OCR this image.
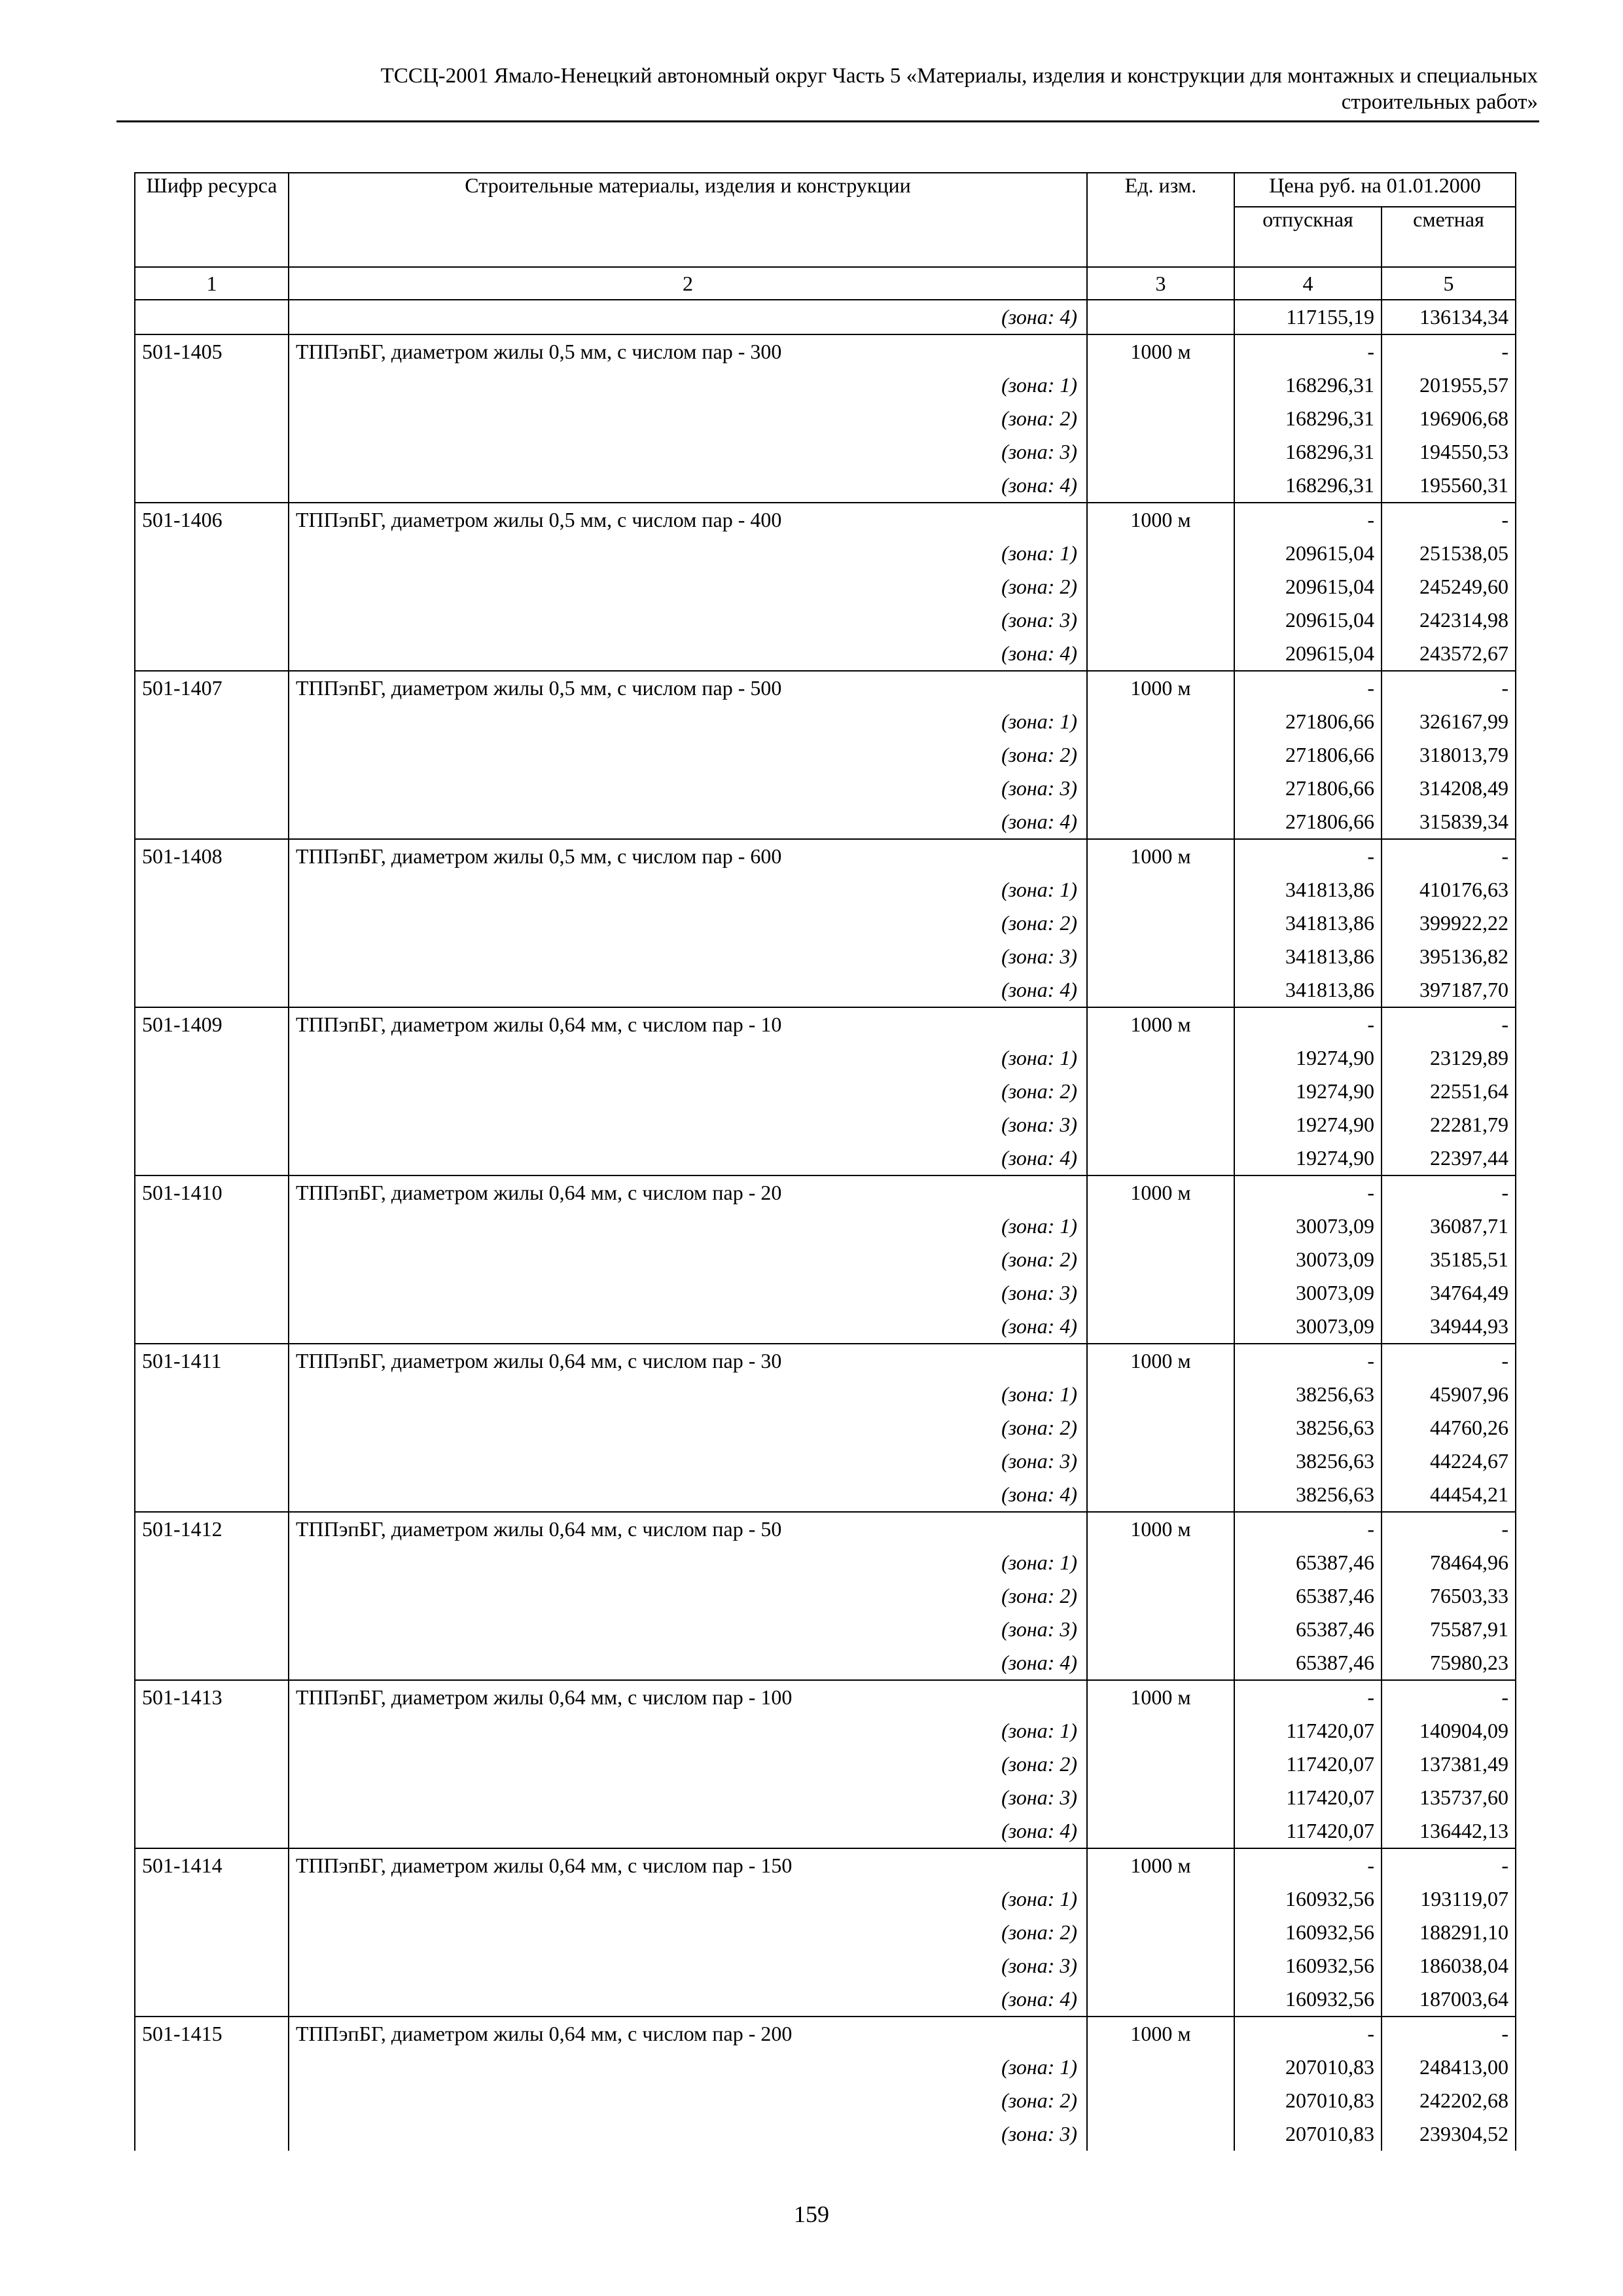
ТССЦ-2001 Ямало-Ненецкий автономный округ Часть 5 «Материалы, изделия и конструкции для монтажных и специальных
строительных работ»
Шифр ресурса	Строительные материалы, изделия и конструкции	Ед. изм.	Цена руб. на 01.01.2000	
			отпускная	сметная
1	2	3	4	5
	(зона: 4)		117155,19	136134,34
501-1405	ТППэпБГ, диаметром жилы 0,5 мм, с числом пар - 300	1000 м	-	-
	(зона: 1)		168296,31	201955,57
	(зона: 2)		168296,31	196906,68
	(зона: 3)		168296,31	194550,53
	(зона: 4)		168296,31	195560,31
501-1406	ТППэпБГ, диаметром жилы 0,5 мм, с числом пар - 400	1000 м	-	-
	(зона: 1)		209615,04	251538,05
	(зона: 2)		209615,04	245249,60
	(зона: 3)		209615,04	242314,98
	(зона: 4)		209615,04	243572,67
501-1407	ТППэпБГ, диаметром жилы 0,5 мм, с числом пар - 500	1000 м	-	-
	(зона: 1)		271806,66	326167,99
	(зона: 2)		271806,66	318013,79
	(зона: 3)		271806,66	314208,49
	(зона: 4)		271806,66	315839,34
501-1408	ТППэпБГ, диаметром жилы 0,5 мм, с числом пар - 600	1000 м	-	-
	(зона: 1)		341813,86	410176,63
	(зона: 2)		341813,86	399922,22
	(зона: 3)		341813,86	395136,82
	(зона: 4)		341813,86	397187,70
501-1409	ТППэпБГ, диаметром жилы 0,64 мм, с числом пар - 10	1000 м	-	-
	(зона: 1)		19274,90	23129,89
	(зона: 2)		19274,90	22551,64
	(зона: 3)		19274,90	22281,79
	(зона: 4)		19274,90	22397,44
501-1410	ТППэпБГ, диаметром жилы 0,64 мм, с числом пар - 20	1000 м	-	-
	(зона: 1)		30073,09	36087,71
	(зона: 2)		30073,09	35185,51
	(зона: 3)		30073,09	34764,49
	(зона: 4)		30073,09	34944,93
501-1411	ТППэпБГ, диаметром жилы 0,64 мм, с числом пар - 30	1000 м	-	-
	(зона: 1)		38256,63	45907,96
	(зона: 2)		38256,63	44760,26
	(зона: 3)		38256,63	44224,67
	(зона: 4)		38256,63	44454,21
501-1412	ТППэпБГ, диаметром жилы 0,64 мм, с числом пар - 50	1000 м	-	-
	(зона: 1)		65387,46	78464,96
	(зона: 2)		65387,46	76503,33
	(зона: 3)		65387,46	75587,91
	(зона: 4)		65387,46	75980,23
501-1413	ТППэпБГ, диаметром жилы 0,64 мм, с числом пар - 100	1000 м	-	-
	(зона: 1)		117420,07	140904,09
	(зона: 2)		117420,07	137381,49
	(зона: 3)		117420,07	135737,60
	(зона: 4)		117420,07	136442,13
501-1414	ТППэпБГ, диаметром жилы 0,64 мм, с числом пар - 150	1000 м	-	-
	(зона: 1)		160932,56	193119,07
	(зона: 2)		160932,56	188291,10
	(зона: 3)		160932,56	186038,04
	(зона: 4)		160932,56	187003,64
501-1415	ТППэпБГ, диаметром жилы 0,64 мм, с числом пар - 200	1000 м	-	-
	(зона: 1)		207010,83	248413,00
	(зона: 2)		207010,83	242202,68
	(зона: 3)		207010,83	239304,52
159
